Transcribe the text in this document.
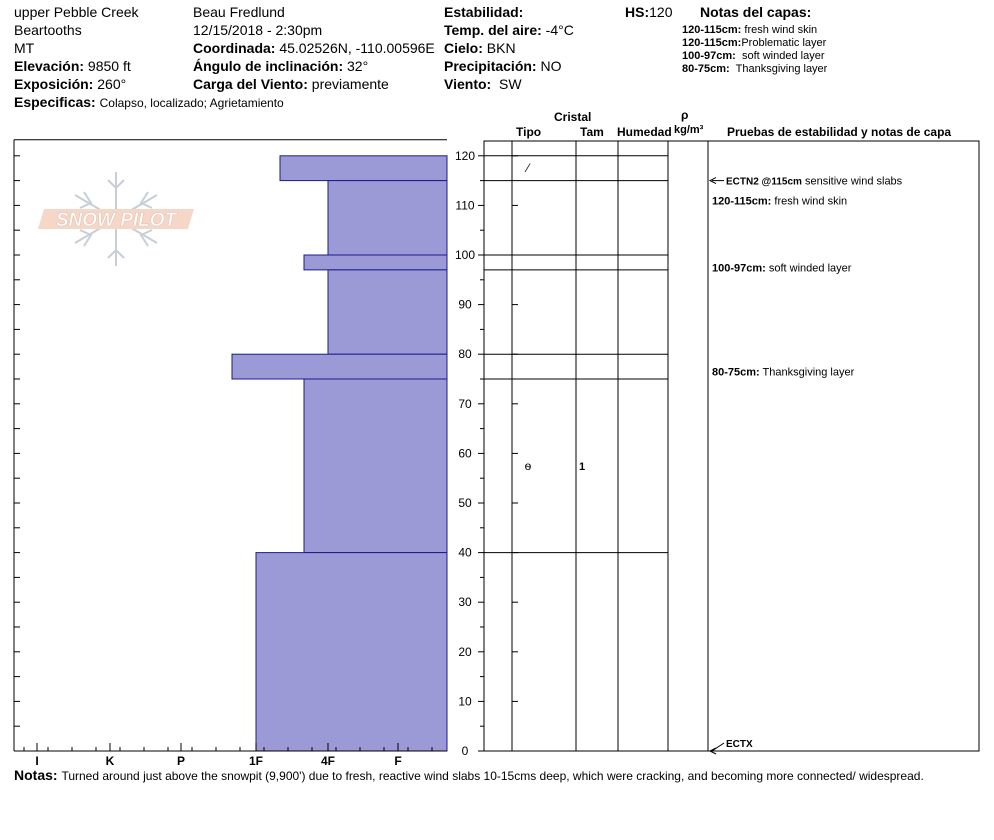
upper Pebble Creek
Beartooths
MT
Elevación: 9850 ft
Exposición: 260°
Especificas: Colapso, localizado; Agrietamiento
Beau Fredlund
12/15/2018 - 2:30pm
Coordinada: 45.02526N, -110.00596E
Ángulo de inclinación: 32°
Carga del Viento: previamente
Estabilidad:
Temp. del aire: -4°C
Cielo: BKN
Precipitación: NO
Viento: SW
HS:120 Notas del capas:
120-115cm: fresh wind skin
120-115cm:Problematic layer
100-97cm: soft winded layer
80-75cm: Thanksgiving layer
Cristal
Tipo	Tam Humedad
ρ
kg/m³ Pruebas de estabilidad y notas de capa
SNOW PILOT
0
10
20
30
40
50
60
70
80
90
100
110
120
I	K	P	1F	4F	F
⁄
ѳ	1
ECTN2 @115cm sensitive wind slabs
120-115cm: fresh wind skin
100-97cm: soft winded layer
80-75cm: Thanksgiving layer
ECTX
Notas: Turned around just above the snowpit (9,900') due to fresh, reactive wind slabs 10-15cms deep, which were cracking, and becoming more connected/ widespread.
